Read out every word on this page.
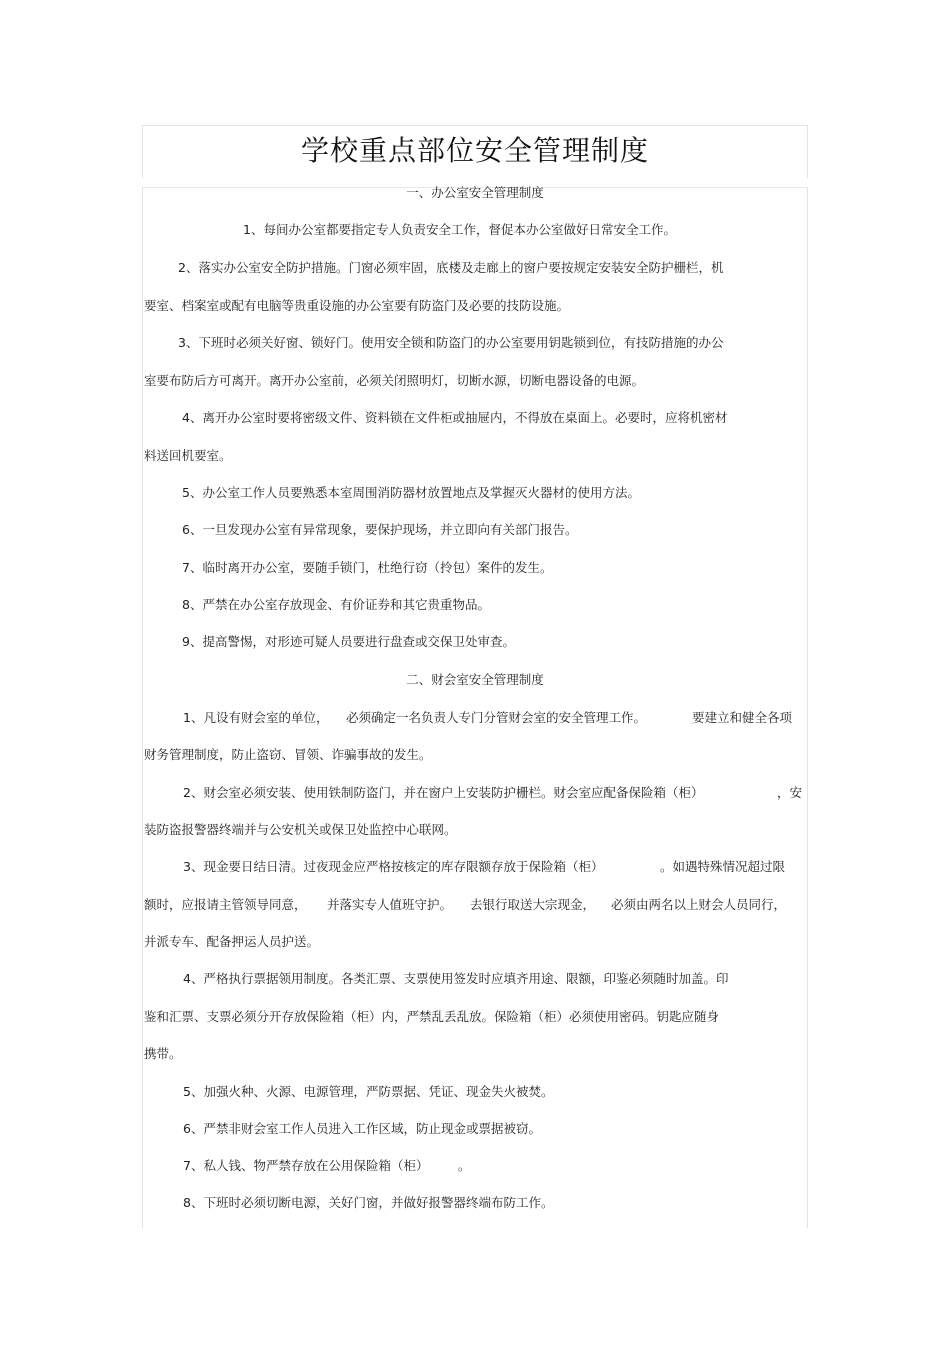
学校重点部位安全管理制度
一、办公室安全管理制度
1、每间办公室都要指定专人负责安全工作，督促本办公室做好日常安全工作。
2、落实办公室安全防护措施。门窗必须牢固，底楼及走廊上的窗户要按规定安装安全防护栅栏，机
要室、档案室或配有电脑等贵重设施的办公室要有防盗门及必要的技防设施。
3、下班时必须关好窗、锁好门。使用安全锁和防盗门的办公室要用钥匙锁到位，有技防措施的办公
室要布防后方可离开。离开办公室前，必须关闭照明灯，切断水源，切断电器设备的电源。
4、离开办公室时要将密级文件、资料锁在文件柜或抽屉内，不得放在桌面上。必要时，应将机密材
料送回机要室。
5、办公室工作人员要熟悉本室周围消防器材放置地点及掌握灭火器材的使用方法。
6、一旦发现办公室有异常现象，要保护现场，并立即向有关部门报告。
7、临时离开办公室，要随手锁门，杜绝行窃（拎包）案件的发生。
8、严禁在办公室存放现金、有价证券和其它贵重物品。
9、提高警惕，对形迹可疑人员要进行盘查或交保卫处审查。
二、财会室安全管理制度
1、凡设有财会室的单位， 必须确定一名负责人专门分管财会室的安全管理工作。	要建立和健全各项
财务管理制度，防止盗窃、冒领、诈骗事故的发生。
2、财会室必须安装、使用铁制防盗门，并在窗户上安装防护栅栏。财会室应配备保险箱（柜）	，安
装防盗报警器终端并与公安机关或保卫处监控中心联网。
3、现金要日结日清。过夜现金应严格按核定的库存限额存放于保险箱（柜）	。如遇特殊情况超过限
额时，应报请主管领导同意， 并落实专人值班守护。 去银行取送大宗现金， 必须由两名以上财会人员同行，
并派专车、配备押运人员护送。
4、严格执行票据领用制度。各类汇票、支票使用签发时应填齐用途、限额，印鉴必须随时加盖。印
鉴和汇票、支票必须分开存放保险箱（柜）内，严禁乱丢乱放。保险箱（柜）必须使用密码。钥匙应随身
携带。
5、加强火种、火源、电源管理，严防票据、凭证、现金失火被焚。
6、严禁非财会室工作人员进入工作区域，防止现金或票据被窃。
7、私人钱、物严禁存放在公用保险箱（柜） 。
8、下班时必须切断电源，关好门窗，并做好报警器终端布防工作。
